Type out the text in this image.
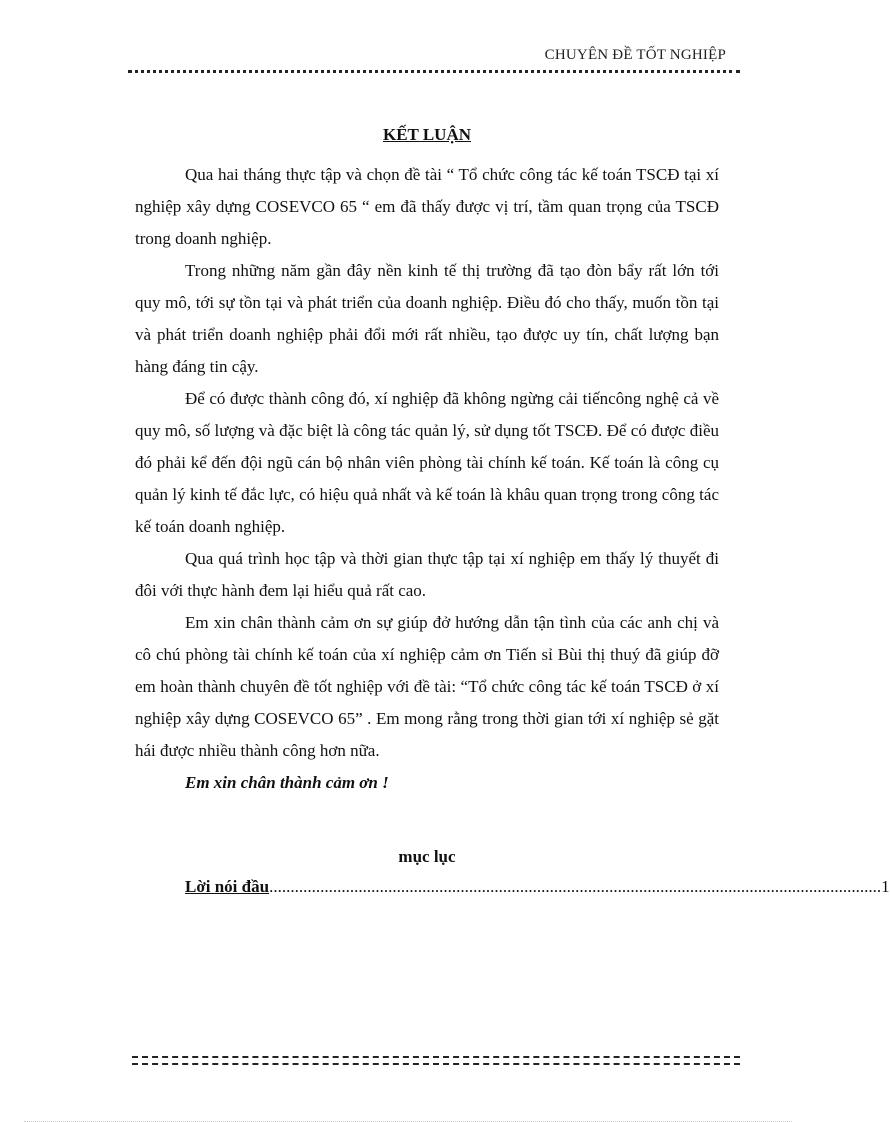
CHUYÊN ĐỀ TỐT NGHIỆP
KẾT LUẬN

Qua hai tháng thực tập và chọn đề tài “ Tổ chức công tác kế toán TSCĐ tại xí nghiệp xây dựng COSEVCO 65 “ em đã thấy được vị trí, tầm quan trọng của TSCĐ trong doanh nghiệp.

Trong những năm gần đây nền kinh tế thị trường đã tạo đòn bẩy rất lớn tới quy mô, tới sự tồn tại và phát triển của doanh nghiệp. Điều đó cho thấy, muốn tồn tại và phát triển doanh nghiệp phải đổi mới rất nhiều, tạo được uy tín, chất lượng bạn hàng đáng tin cậy.

Để có được thành công đó, xí nghiệp đã không ngừng cải tiếncông nghệ cả về quy mô, số lượng và đặc biệt là công tác quản lý, sử dụng tốt TSCĐ. Để có được điều đó phải kể đến đội ngũ cán bộ nhân viên phòng tài chính kế toán. Kế toán là công cụ quản lý kinh tế đắc lực, có hiệu quả nhất và kế toán là khâu quan trọng trong công tác kế toán doanh nghiệp.

Qua quá trình học tập và thời gian thực tập tại xí nghiệp em thấy lý thuyết đi đôi với thực hành đem lại hiểu quả rất cao.

Em xin chân thành cảm ơn sự giúp đở hướng dẫn tận tình của các anh chị và cô chú phòng tài chính kế toán của xí nghiệp cảm ơn Tiến sỉ Bùi thị thuý đã giúp đỡ em hoàn thành chuyên đề tốt nghiệp với đề tài: “Tổ chức công tác kế toán TSCĐ ở xí nghiệp xây dựng COSEVCO 65” . Em mong rằng trong thời gian tới xí nghiệp sẻ gặt hái được nhiều thành công hơn nữa.

Em xin chân thành cảm ơn !

mục lục
Lời nói đầu ................................................................................................................................................ 1
